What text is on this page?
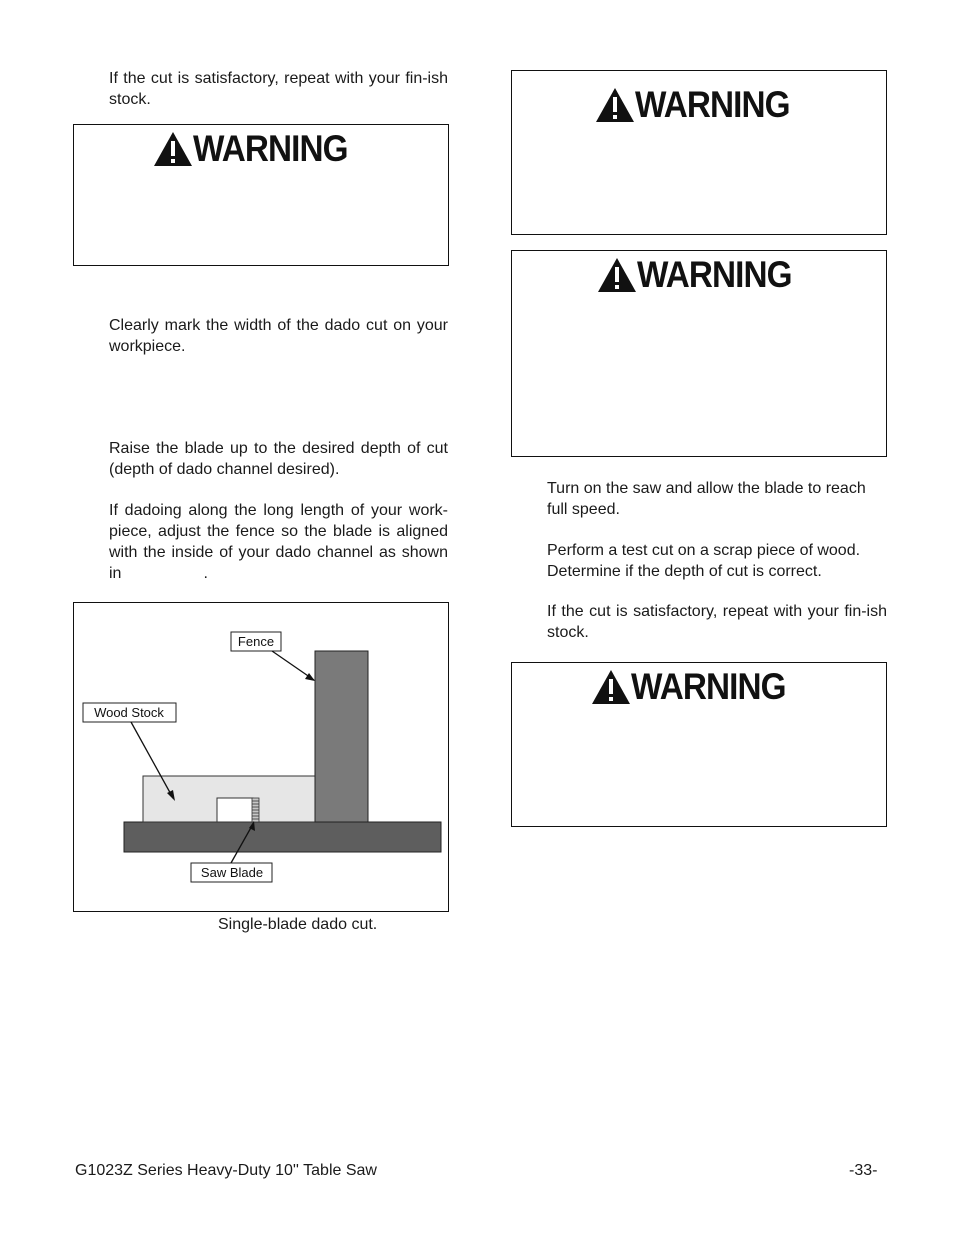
If the cut is satisfactory, repeat with your fin-ish stock.

WARNING

Clearly mark the width of the dado cut on your workpiece.

Raise the blade up to the desired depth of cut (depth of dado channel desired).

If dadoing along the long length of your work-piece, adjust the fence so the blade is aligned with the inside of your dado channel as shown in	.

Fence
Wood Stock
Saw Blade
Single-blade dado cut.
WARNING
WARNING

Turn on the saw and allow the blade to reach full speed.

Perform a test cut on a scrap piece of wood. Determine if the depth of cut is correct.

If the cut is satisfactory, repeat with your fin-ish stock.

WARNING
G1023Z Series Heavy-Duty 10'' Table Saw	-33-
